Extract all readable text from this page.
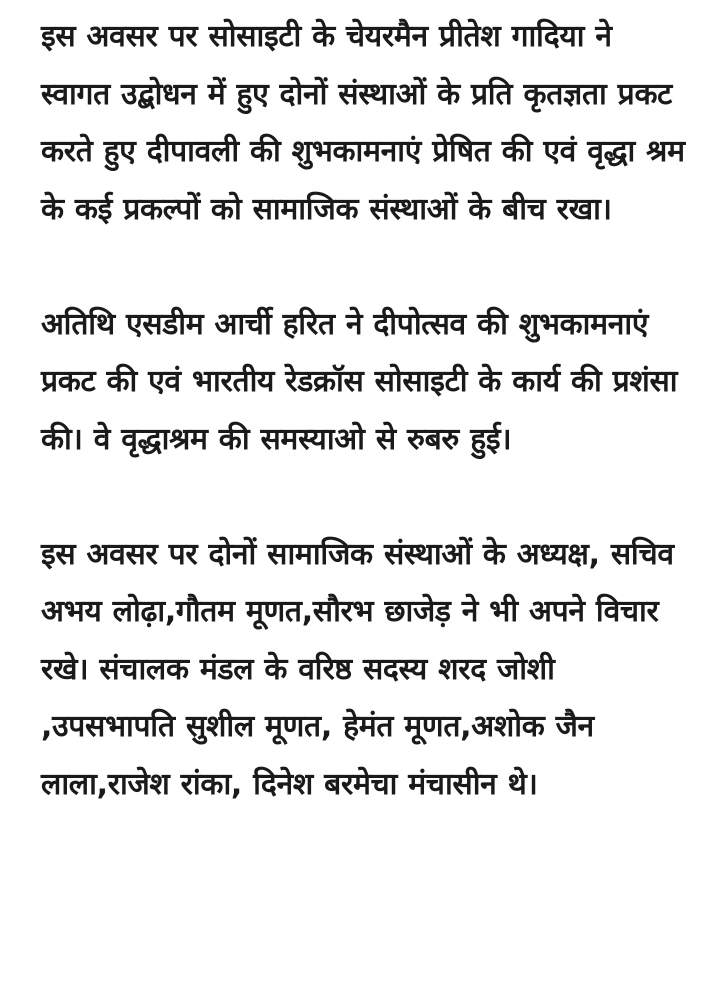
इस अवसर पर सोसाइटी के चेयरमैन प्रीतेश गादिया ने स्वागत उद्बोधन में हुए दोनों संस्थाओं के प्रति कृतज्ञता प्रकट करते हुए दीपावली की शुभकामनाएं प्रेषित की एवं वृद्धा श्रम के कई प्रकल्पों को सामाजिक संस्थाओं के बीच रखा।

अतिथि एसडीम आर्ची हरित ने दीपोत्सव की शुभकामनाएं प्रकट की एवं भारतीय रेडक्रॉस सोसाइटी के कार्य की प्रशंसा की। वे वृद्धाश्रम की समस्याओ से रुबरु हुई।

इस अवसर पर दोनों सामाजिक संस्थाओं के अध्यक्ष, सचिव अभय लोढ़ा,गौतम मूणत,सौरभ छाजेड़ ने भी अपने विचार रखे। संचालक मंडल के वरिष्ठ सदस्य शरद जोशी ,उपसभापति सुशील मूणत, हेमंत मूणत,अशोक जैन लाला,राजेश रांका, दिनेश बरमेचा मंचासीन थे।
